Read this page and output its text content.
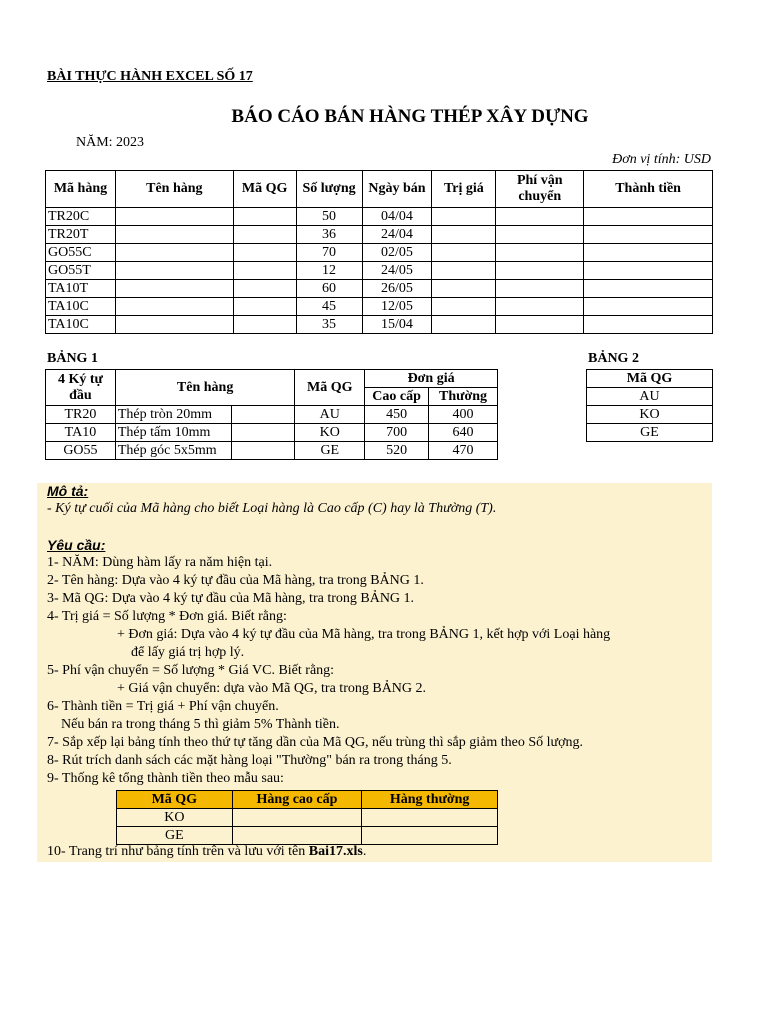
BÀI THỰC HÀNH EXCEL SỐ 17
BÁO CÁO BÁN HÀNG THÉP XÂY DỰNG
NĂM: 2023
Đơn vị tính: USD
Mã hàng	Tên hàng	Mã QG	Số lượng	Ngày bán	Trị giá	Phí vận chuyển	Thành tiền
TR20C			50	04/04			
TR20T			36	24/04			
GO55C			70	02/05			
GO55T			12	24/05			
TA10T			60	26/05			
TA10C			45	12/05			
TA10C			35	15/04			
BẢNG 1
4 Ký tự đầu	Tên hàng		Mã QG	Đơn giá	
				Cao cấp	Thường
TR20	Thép tròn 20mm		AU	450	400
TA10	Thép tấm 10mm		KO	700	640
GO55	Thép góc 5x5mm		GE	520	470
BẢNG 2
Mã QG
AU
KO
GE
Mô tả:
- Ký tự cuối của Mã hàng cho biết Loại hàng là Cao cấp (C) hay là Thường (T).
Yêu cầu:
1- NĂM: Dùng hàm lấy ra năm hiện tại.
2- Tên hàng: Dựa vào 4 ký tự đầu của Mã hàng, tra trong BẢNG 1.
3- Mã QG: Dựa vào 4 ký tự đầu của Mã hàng, tra trong BẢNG 1.
4- Trị giá = Số lượng * Đơn giá. Biết rằng:
+ Đơn giá: Dựa vào 4 ký tự đầu của Mã hàng, tra trong BẢNG 1, kết hợp với Loại hàng
để lấy giá trị hợp lý.
5- Phí vận chuyển = Số lượng * Giá VC. Biết rằng:
+ Giá vận chuyển: dựa vào Mã QG, tra trong BẢNG 2.
6- Thành tiền = Trị giá + Phí vận chuyển.
Nếu bán ra trong tháng 5 thì giảm 5% Thành tiền.
7- Sắp xếp lại bảng tính theo thứ tự tăng dần của Mã QG, nếu trùng thì sắp giảm theo Số lượng.
8- Rút trích danh sách các mặt hàng loại "Thường" bán ra trong tháng 5.
9- Thống kê tổng thành tiền theo mẫu sau:
10- Trang trí như bảng tính trên và lưu với tên Bai17.xls.
Mã QG	Hàng cao cấp	Hàng thường
KO		
GE		
